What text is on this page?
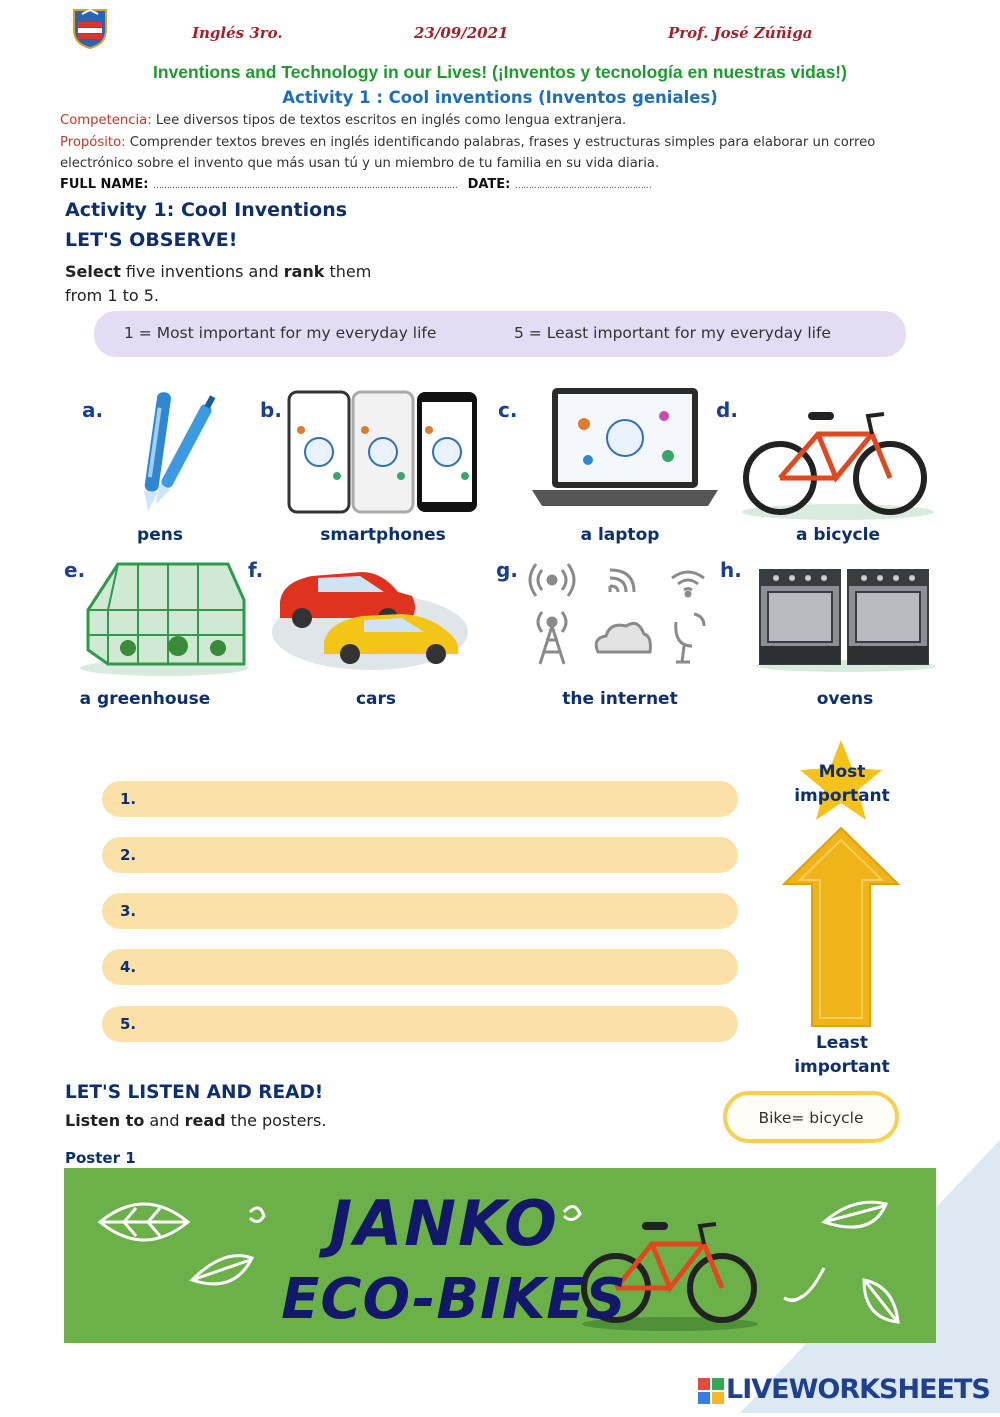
Inglés 3ro.	23/09/2021	Prof. José Zúñiga
Inventions and Technology in our Lives! (¡Inventos y tecnología en nuestras vidas!)
Activity 1 : Cool inventions (Inventos geniales)
Competencia: Lee diversos tipos de textos escritos en inglés como lengua extranjera.
Propósito: Comprender textos breves en inglés identificando palabras, frases y estructuras simples para elaborar un correo
electrónico sobre el invento que más usan tú y un miembro de tu familia en su vida diaria.
FULL NAME: …………………………………………………………………………………………………… DATE: ……………………………………………
Activity 1: Cool Inventions
LET'S OBSERVE!
Select five inventions and rank them
from 1 to 5.
1 = Most important for my everyday life	5 = Least important for my everyday life
a.
pens
b.
smartphones
c.
a laptop
d.
a bicycle
e.
a greenhouse
f.
cars
g.
the internet
h.
ovens
1.
2.
3.
4.
5.
Most
important
Least
important
LET'S LISTEN AND READ!
Listen to and read the posters.	Bike= bicycle
Poster 1
JANKO
ECO-BIKES
LIVEWORKSHEETS
